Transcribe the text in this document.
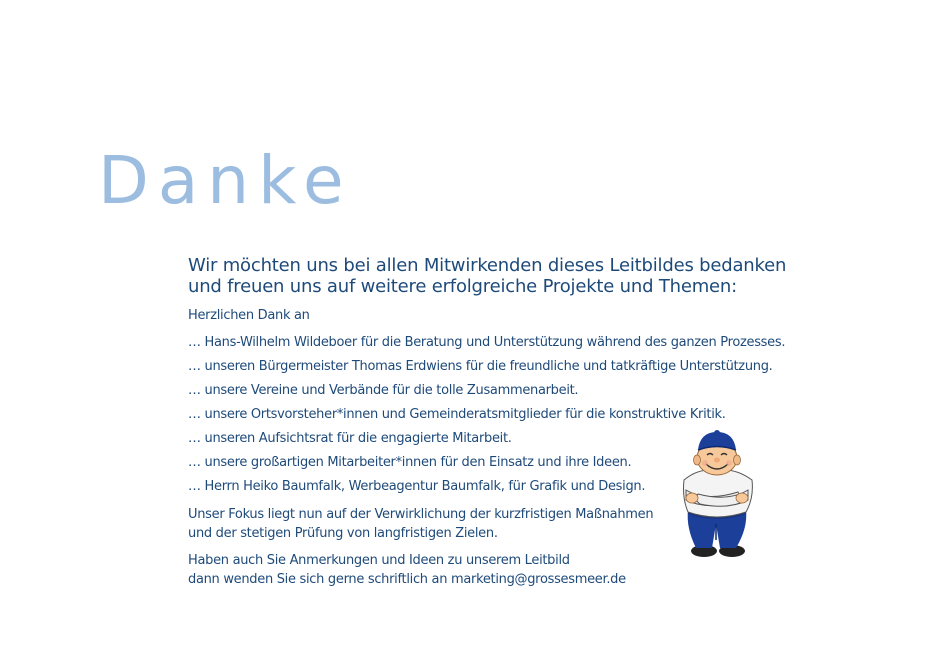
Danke

Wir möchten uns bei allen Mitwirkenden dieses Leitbildes bedanken
und freuen uns auf weitere erfolgreiche Projekte und Themen:

Herzlichen Dank an

… Hans-Wilhelm Wildeboer für die Beratung und Unterstützung während des ganzen Prozesses.
… unseren Bürgermeister Thomas Erdwiens für die freundliche und tatkräftige Unterstützung.
… unsere Vereine und Verbände für die tolle Zusammenarbeit.
… unsere Ortsvorsteher*innen und Gemeinderatsmitglieder für die konstruktive Kritik.
… unseren Aufsichtsrat für die engagierte Mitarbeit.
… unsere großartigen Mitarbeiter*innen für den Einsatz und ihre Ideen.
… Herrn Heiko Baumfalk, Werbeagentur Baumfalk, für Grafik und Design.

Unser Fokus liegt nun auf der Verwirklichung der kurzfristigen Maßnahmen
und der stetigen Prüfung von langfristigen Zielen.

Haben auch Sie Anmerkungen und Ideen zu unserem Leitbild
dann wenden Sie sich gerne schriftlich an marketing@grossesmeer.de
